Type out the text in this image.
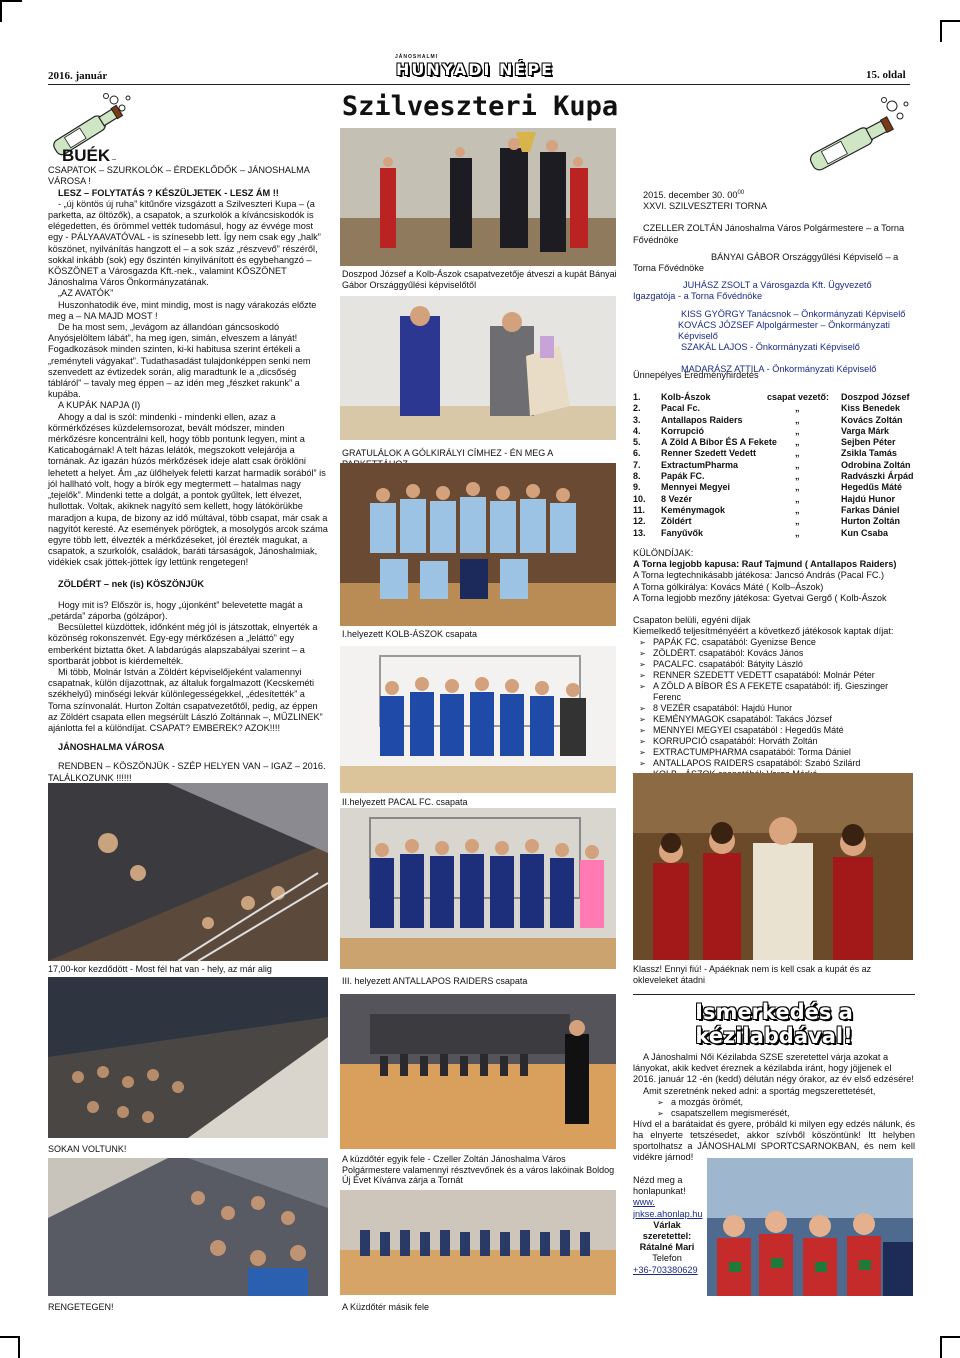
2016. január
JÁNOSHALMI
HUNYADI NÉPE	15. oldal
Szilveszteri Kupa

BUÉK –

CSAPATOK – SZURKOLÓK – ÉRDEKLŐDŐK – JÁNOSHALMA VÁROSA !

LESZ – FOLYTATÁS ? KÉSZÜLJETEK - LESZ ÁM !!

- „új köntös új ruha” kitűnőre vizsgázott a Szilveszteri Kupa – (a parketta, az öltözők), a csapatok, a szurkolók a kíváncsiskodók is elégedetten, és örömmel vették tudomásul, hogy az évvége most egy - PÁLYAAVATÓVAL - is színesebb lett. Így nem csak egy „halk” köszönet, nyilvánítás hangzott el – a sok száz „részvevő” részéről, sokkal inkább (sok) egy őszintén kinyilvánított és egybehangzó – KÖSZÖNET a Városgazda Kft.-nek., valamint KÖSZÖNET Jánoshalma Város Önkormányzatának.

„AZ AVATÓK”

Huszonhatodik éve, mint mindig, most is nagy várakozás előzte meg a – NA MAJD MOST !

De ha most sem, „levágom az állandóan gáncsoskodó Anyósjelöltem lábát”, ha meg igen, simán, elveszem a lányát! Fogadkozások minden szinten, ki-ki habitusa szerint értékeli a „reményteli vágyakat”. Tudathasadást tulajdonképpen senki nem szenvedett az évtizedek során, alig maradtunk le a „dicsőség tábláról” – tavaly meg éppen – az idén meg „fészket rakunk” a kupába.

A KUPÁK NAPJA (I)

Ahogy a dal is szól: mindenki - mindenki ellen, azaz a körmérkőzéses küzdelemsorozat, bevált módszer, minden mérkőzésre koncentrálni kell, hogy több pontunk legyen, mint a Katicabogárnak! A telt házas lelátók, megszokott velejárója a tornának. Az igazán húzós mérkőzések ideje alatt csak öröklöni lehetett a helyet. Ám „az ülőhelyek feletti karzat harmadik sorából” is jól hallható volt, hogy a bírók egy megtermett – hatalmas nagy „tejelők”. Mindenki tette a dolgát, a pontok gyűltek, lett élvezet, hullottak. Voltak, akiknek nagyító sem kellett, hogy látókörükbe maradjon a kupa, de bizony az idő múltával, több csapat, már csak a nagyítót keresté. Az események pörögtek, a mosolygós arcok száma egyre több lett, élvezték a mérkőzéseket, jól érezték magukat, a csapatok, a szurkolók, családok, baráti társaságok, Jánoshalmiak, vidékiek csak jöttek-jöttek így lettünk rengetegen!

ZÖLDÉRT – nek (is) KÖSZÖNJÜK

Hogy mit is? Először is, hogy „újonként” belevetette magát a „petárda” záporba (gólzápor).

Becsülettel küzdöttek, időnként még jól is játszottak, elnyerték a közönség rokonszenvét. Egy-egy mérkőzésen a „leláttó” egy emberként biztatta őket. A labdarúgás alapszabályai szerint – a sportbarát jobbot is kiérdemelték.

Mi több, Molnár István a Zöldért képviselőjeként valamennyi csapatnak, külön díjazottnak, az általuk forgalmazott (Kecskeméti székhelyű) minőségi lekvár különlegességekkel, „édesítették” a Torna színvonalát. Hurton Zoltán csapatvezetőtől, pedig, az éppen az Zöldért csapata ellen megsérült László Zoltánnak –, MŰZLINEK” ajánlotta fel a különdíjat. CSAPAT? EMBEREK? AZOK!!!!

JÁNOSHALMA VÁROSA

RENDBEN – KÖSZÖNJÜK - SZÉP HELYEN VAN – IGAZ – 2016. TALÁLKOZUNK !!!!!!

17,00-kor kezdődött - Most fél hat van - hely, az már alig
SOKAN VOLTUNK!
RENGETEGEN!
Doszpod József a Kolb-Ászok csapatvezetője átveszi a kupát Bányai Gábor Országgyűlési képviselőtől
GRATULÁLOK A GÓLKIRÁLYI CÍMHEZ - ÉN MEG A
I.helyezett KOLB-ÁSZOK csapata
II.helyezett PACAL FC. csapata
III. helyezett ANTALLAPOS RAIDERS csapata
A küzdőtér egyik fele - Czeller Zoltán Jánoshalma Város Polgármestere valamennyi résztvevőnek és a város lakóinak Boldog Új Évet Kívánva zárja a Tornát
A Küzdőtér másik fele

2015. december 30. $00^{00}$

XXVI. SZILVESZTERI TORNA

CZELLER ZOLTÁN Jánoshalma Város Polgármestere – a Torna Fővédnöke

BÁNYAI GÁBOR Országgyűlési Képviselő – a Torna Fővédnöke

JUHÁSZ ZSOLT a Városgazda Kft. Ügyvezető Igazgatója - a Torna Fővédnöke

KISS GYÖRGY Tanácsnok – Önkormányzati Képviselő

KOVÁCS JÓZSEF Alpolgármester – Önkormányzati Képviselő

SZAKÁL LAJOS - Önkormányzati Képviselő

MADARÁSZ ATTILA - Önkormányzati Képviselő

Ünnepélyes Eredményhirdetés
1.	Kolb-Ászok	csapat vezető:	Doszpod József
2.	Pacal Fc.	„	Kiss Benedek
3.	Antallapos Raiders	„	Kovács Zoltán
4.	Korrupció	„	Varga Márk
5.	A Zöld A Bíbor ÉS A Fekete	„	Sejben Péter
6.	Renner Szedett Vedett	„	Zsikla Tamás
7.	ExtractumPharma	„	Odrobina Zoltán
8.	Papák FC.	„	Radvászki Árpád
9.	Mennyei Megyei	„	Hegedűs Máté
10.	8 Vezér	„	Hajdú Hunor
11.	Keményma​gok	„	Farkas Dániel
12.	Zöldért	„	Hurton Zoltán
13.	Fanyűvők	„	Kun Csaba

KÜLÖNDÍJAK:

A Torna legjobb kapusa: Rauf Tajmund ( Antallapos Raiders)

A Torna legtechnikásabb játékosa: Jancsó András (Pacal FC.)

A Torna gólkirálya: Kovács Máté ( Kolb–Ászok)

A Torna legjobb mezőny játékosa: Gyetvai Gergő ( Kolb-Ászok

Csapaton belüli, egyéni díjak

Kiemelkedő teljesítményéért a következő játékosok kaptak díjat:

➢ PAPÁK FC. csapatából: Gyenizse Bence
➢ ZÖLDÉRT. csapatából: Kovács János
➢ PACALFC. csapatából: Bátyity László
➢ RENNER SZEDETT VEDETT csapatából: Molnár Péter
➢ A ZÖLD A BÍBOR ÉS A FEKETE csapatából: ifj. Gieszinger Ferenc
➢ 8 VEZÉR csapatából: Hajdú Hunor
➢ KEMÉNYMAGOK csapatából: Takács József
➢ MENNYEI MEGYEI csapatából : Hegedűs Máté
➢ KORRUPCIÓ csapatából: Horváth Zoltán
➢ EXTRACTUMPHARMA csapatából: Torma Dániel
➢ ANTALLAPOS RAIDERS csapatából: Szabó Szilárd
➢
Klassz! Ennyi fiú! - Apáéknak nem is kell csak a kupát és az okleveleket átadni
Ismerkedés a
kézilabdával!

A Jánoshalmi Női Kézilabda SZSE szeretettel várja azokat a lányokat, akik kedvet éreznek a kézilabda iránt, hogy jöjjenek el 2016. január 12 -én (kedd) délután négy órakor, az év első edzésére!

Amit szeretnénk neked adni: a sportág megszerettetését,

➢ a mozgás örömét,
➢ csapatszellem megismerését,

Hívd el a barátaidat és gyere, próbáld ki milyen egy edzés nálunk, és ha elnyerte tetszésedet, akkor szívből köszöntünk! Itt helyben sportolhatsz a JÁNOSHALMI SPORTCSARNOKBAN, és nem kell vidékre járnod!

Nézd meg a honlapunkat!

www. jnkse.ahonlap.hu

Várlak szeretettel:

Rátalné Mari

Telefon

+36-703380629
